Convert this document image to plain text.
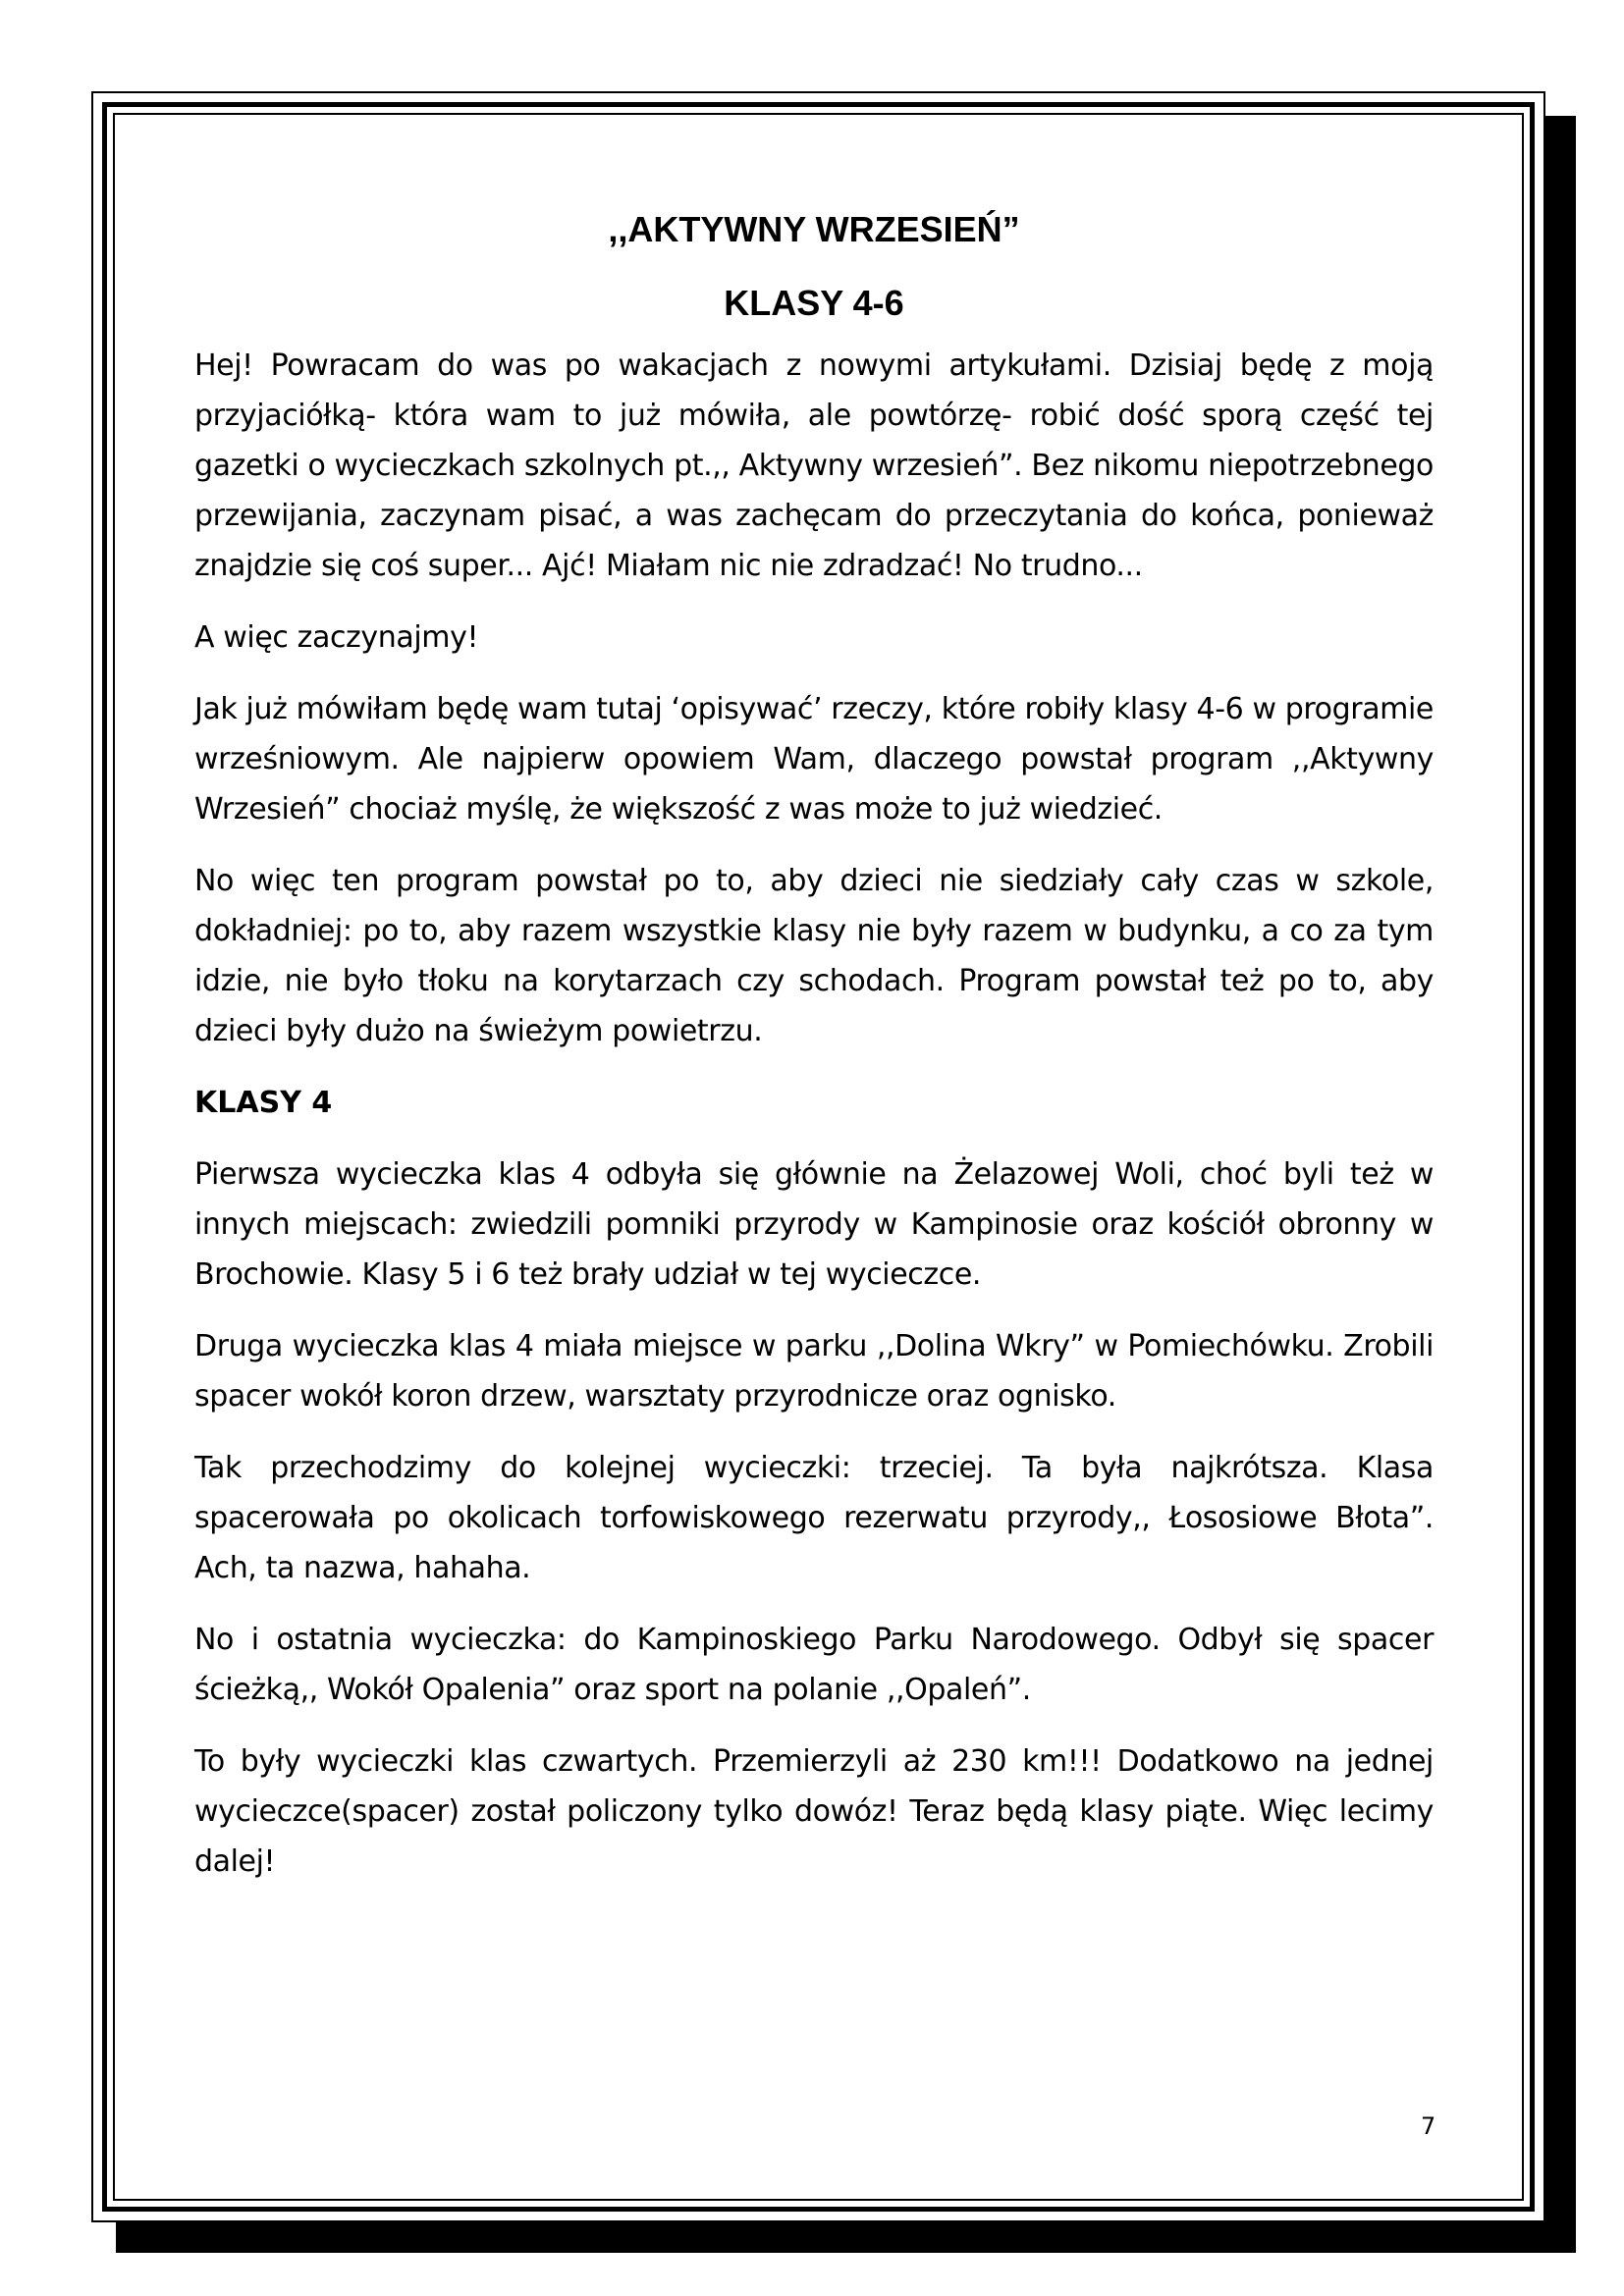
,,AKTYWNY WRZESIEŃ”
KLASY 4-6

Hej! Powracam do was po wakacjach z nowymi artykułami. Dzisiaj będę z moją przyjaciółką- która wam to już mówiła, ale powtórzę- robić dość sporą część tej gazetki o wycieczkach szkolnych pt.,, Aktywny wrzesień”. Bez nikomu niepotrzebnego przewijania, zaczynam pisać, a was zachęcam do przeczytania do końca, ponieważ znajdzie się coś super... Ajć! Miałam nic nie zdradzać! No trudno...

A więc zaczynajmy!

Jak już mówiłam będę wam tutaj ‘opisywać’ rzeczy, które robiły klasy 4-6 w programie wrześniowym. Ale najpierw opowiem Wam, dlaczego powstał program ,,Aktywny Wrzesień” chociaż myślę, że większość z was może to już wiedzieć.

No więc ten program powstał po to, aby dzieci nie siedziały cały czas w szkole, dokładniej: po to, aby razem wszystkie klasy nie były razem w budynku, a co za tym idzie, nie było tłoku na korytarzach czy schodach. Program powstał też po to, aby dzieci były dużo na świeżym powietrzu.

KLASY 4

Pierwsza wycieczka klas 4 odbyła się głównie na Żelazowej Woli, choć byli też w innych miejscach: zwiedzili pomniki przyrody w Kampinosie oraz kościół obronny w Brochowie. Klasy 5 i 6 też brały udział w tej wycieczce.

Druga wycieczka klas 4 miała miejsce w parku ,,Dolina Wkry” w Pomiechówku. Zrobili spacer wokół koron drzew, warsztaty przyrodnicze oraz ognisko.

Tak przechodzimy do kolejnej wycieczki: trzeciej. Ta była najkrótsza. Klasa spacerowała po okolicach torfowiskowego rezerwatu przyrody,, Łososiowe Błota”. Ach, ta nazwa, hahaha.

No i ostatnia wycieczka: do Kampinoskiego Parku Narodowego. Odbył się spacer ścieżką,, Wokół Opalenia” oraz sport na polanie ,,Opaleń”.

To były wycieczki klas czwartych. Przemierzyli aż 230 km!!! Dodatkowo na jednej wycieczce(spacer) został policzony tylko dowóz! Teraz będą klasy piąte. Więc lecimy dalej!

7
